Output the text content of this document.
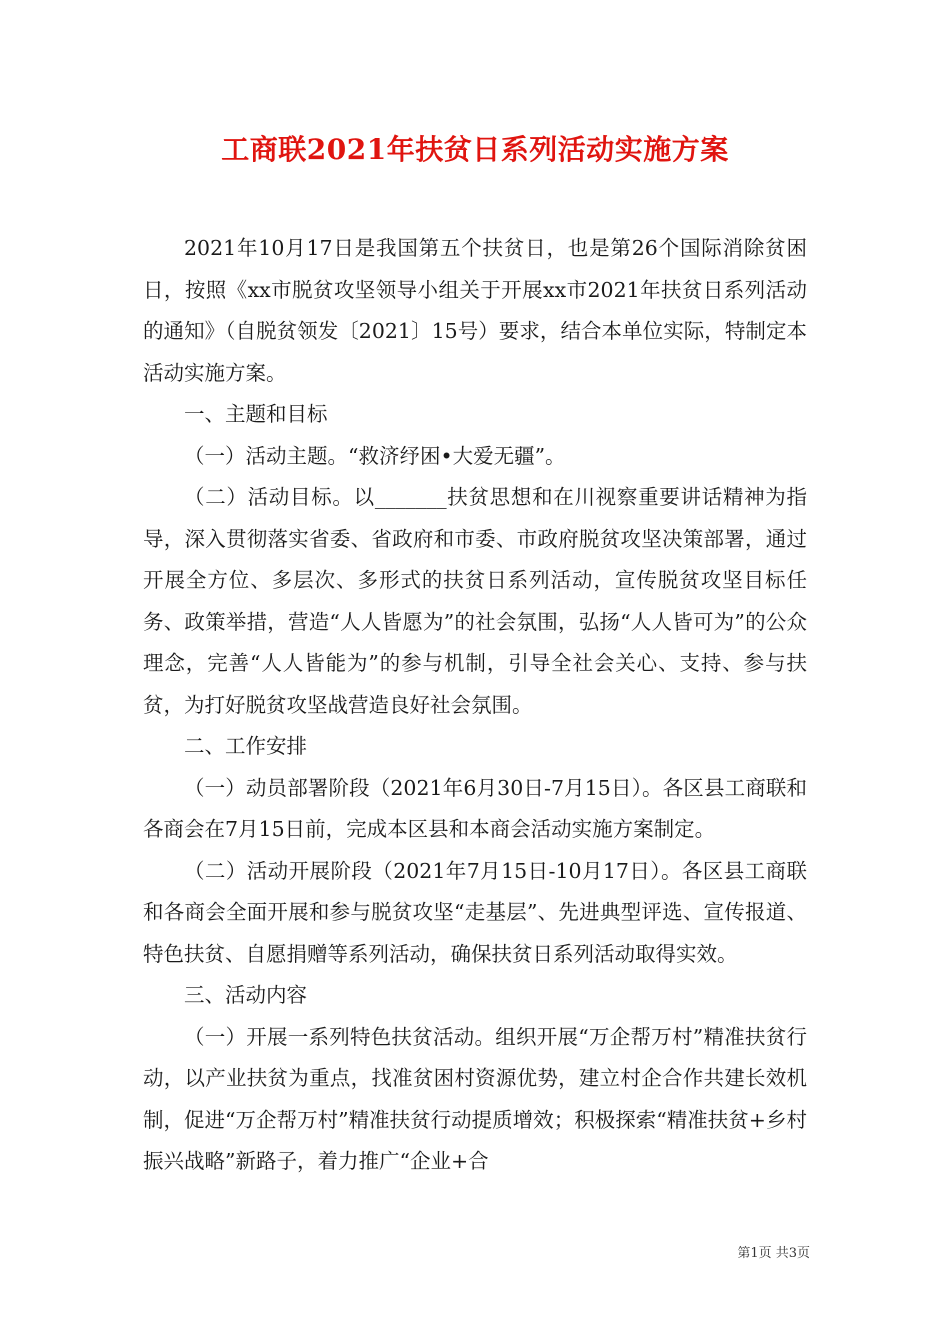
工商联2021年扶贫日系列活动实施方案

2021年10月17日是我国第五个扶贫日，也是第26个国际消除贫困日，按照《xx市脱贫攻坚领导小组关于开展xx市2021年扶贫日系列活动的通知》（自脱贫领发〔2021〕15号）要求，结合本单位实际，特制定本活动实施方案。

一、主题和目标

（一）活动主题。“救济纾困•大爱无疆”。

（二）活动目标。以_______扶贫思想和在川视察重要讲话精神为指导，深入贯彻落实省委、省政府和市委、市政府脱贫攻坚决策部署，通过开展全方位、多层次、多形式的扶贫日系列活动，宣传脱贫攻坚目标任务、政策举措，营造“人人皆愿为”的社会氛围，弘扬“人人皆可为”的公众理念，完善“人人皆能为”的参与机制，引导全社会关心、支持、参与扶贫，为打好脱贫攻坚战营造良好社会氛围。

二、工作安排

（一）动员部署阶段（2021年6月30日-7月15日）。各区县工商联和各商会在7月15日前，完成本区县和本商会活动实施方案制定。

（二）活动开展阶段（2021年7月15日-10月17日）。各区县工商联和各商会全面开展和参与脱贫攻坚“走基层”、先进典型评选、宣传报道、特色扶贫、自愿捐赠等系列活动，确保扶贫日系列活动取得实效。

三、活动内容

（一）开展一系列特色扶贫活动。组织开展“万企帮万村”精准扶贫行动，以产业扶贫为重点，找准贫困村资源优势，建立村企合作共建长效机制，促进“万企帮万村”精准扶贫行动提质增效；积极探索“精准扶贫+乡村振兴战略”新路子，着力推广“企业+合

第1页 共3页
